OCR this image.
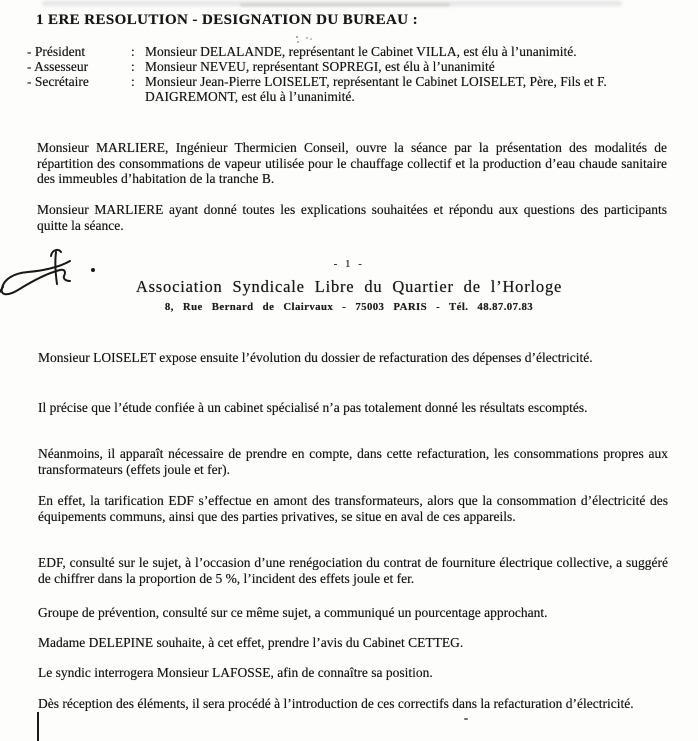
1 ERE RESOLUTION - DESIGNATION DU BUREAU :
- Président	: Monsieur DELALANDE, représentant le Cabinet VILLA, est élu à l’unanimité.
- Assesseur	: Monsieur NEVEU, représentant SOPREGI, est élu à l’unanimité
- Secrétaire	: Monsieur Jean-Pierre LOISELET, représentant le Cabinet LOISELET, Père, Fils et F. DAIGREMONT, est élu à l’unanimité.
Monsieur MARLIERE, Ingénieur Thermicien Conseil, ouvre la séance par la présentation des modalités de répartition des consommations de vapeur utilisée pour le chauffage collectif et la production d’eau chaude sanitaire des immeubles d’habitation de la tranche B.
Monsieur MARLIERE ayant donné toutes les explications souhaitées et répondu aux questions des participants quitte la séance.
- 1 -
Association Syndicale Libre du Quartier de l’Horloge
8, Rue Bernard de Clairvaux - 75003 PARIS - Tél. 48.87.07.83
Monsieur LOISELET expose ensuite l’évolution du dossier de refacturation des dépenses d’électricité.
Il précise que l’étude confiée à un cabinet spécialisé n’a pas totalement donné les résultats escomptés.
Néanmoins, il apparaît nécessaire de prendre en compte, dans cette refacturation, les consommations propres aux transformateurs (effets joule et fer).
En effet, la tarification EDF s’effectue en amont des transformateurs, alors que la consommation d’électricité des équipements communs, ainsi que des parties privatives, se situe en aval de ces appareils.
EDF, consulté sur le sujet, à l’occasion d’une renégociation du contrat de fourniture électrique collective, a suggéré de chiffrer dans la proportion de 5 %, l’incident des effets joule et fer.
Groupe de prévention, consulté sur ce même sujet, a communiqué un pourcentage approchant.
Madame DELEPINE souhaite, à cet effet, prendre l’avis du Cabinet CETTEG.
Le syndic interrogera Monsieur LAFOSSE, afin de connaître sa position.
Dès réception des éléments, il sera procédé à l’introduction de ces correctifs dans la refacturation d’électricité.
